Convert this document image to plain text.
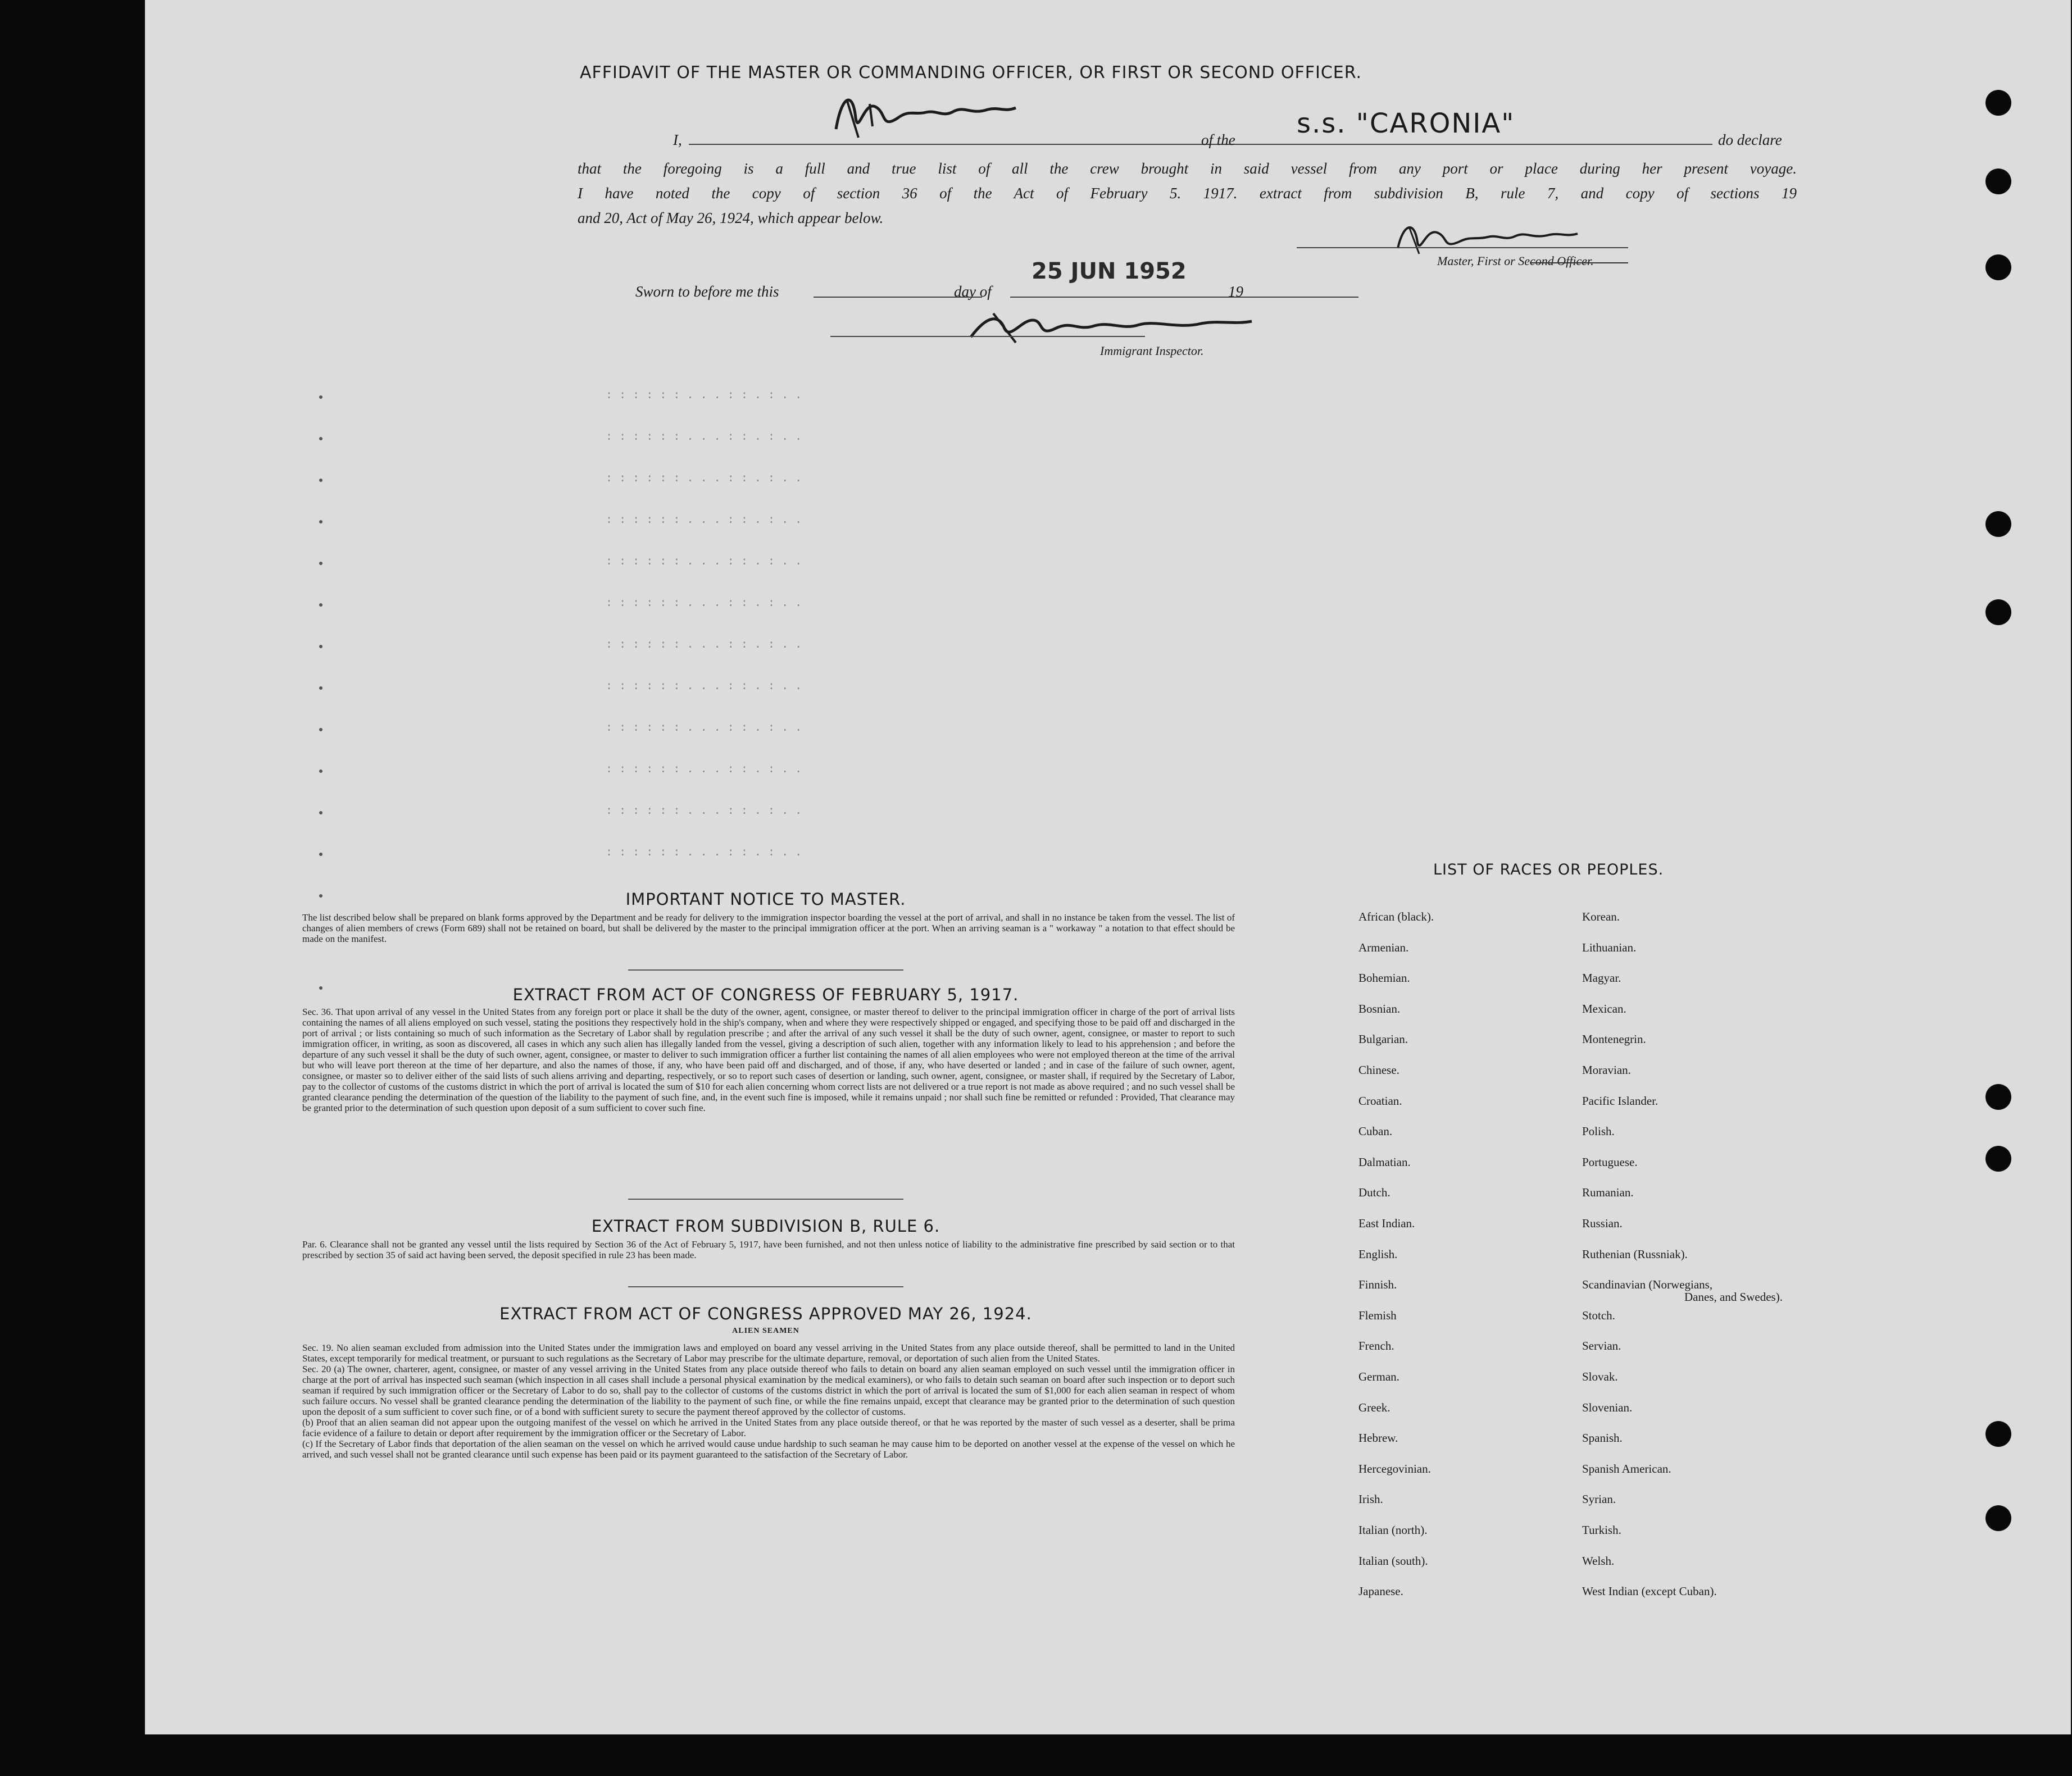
: : : : : : . . . : : . : . .
: : : : : : . . . : : . : . .
: : : : : : . . . : : . : . .
: : : : : : . . . : : . : . .
: : : : : : . . . : : . : . .
: : : : : : . . . : : . : . .
: : : : : : . . . : : . : . .
: : : : : : . . . : : . : . .
: : : : : : . . . : : . : . .
: : : : : : . . . : : . : . .
: : : : : : . . . : : . : . .
: : : : : : . . . : : . : . .
AFFIDAVIT OF THE MASTER OR COMMANDING OFFICER, OR FIRST OR SECOND OFFICER.
I,	of the
s.s. "CARONIA"
do declare
that the foregoing is a full and true list of all the crew brought in said vessel from any port or place during her present voyage.
I have noted the copy of section 36 of the Act of February 5. 1917. extract from subdivision B, rule 7, and copy of sections 19
and 20, Act of May 26, 1924, which appear below.
Master, First or Second Officer.
Sworn to before me this	day of
25 JUN 1952
19
Immigrant Inspector.
IMPORTANT NOTICE TO MASTER.
The list described below shall be prepared on blank forms approved by the Department and be ready for delivery to the immigration inspector boarding the vessel at the port of arrival, and shall in no instance be taken from the vessel. The list of changes of alien members of crews (Form 689) shall not be retained on board, but shall be delivered by the master to the principal immigration officer at the port. When an arriving seaman is a " workaway " a notation to that effect should be made on the manifest.
EXTRACT FROM ACT OF CONGRESS OF FEBRUARY 5, 1917.
Sec. 36. That upon arrival of any vessel in the United States from any foreign port or place it shall be the duty of the owner, agent, consignee, or master thereof to deliver to the principal immigration officer in charge of the port of arrival lists containing the names of all aliens employed on such vessel, stating the positions they respectively hold in the ship's company, when and where they were respectively shipped or engaged, and specifying those to be paid off and discharged in the port of arrival ; or lists containing so much of such information as the Secretary of Labor shall by regulation prescribe ; and after the arrival of any such vessel it shall be the duty of such owner, agent, consignee, or master to report to such immigration officer, in writing, as soon as discovered, all cases in which any such alien has illegally landed from the vessel, giving a description of such alien, together with any information likely to lead to his apprehension ; and before the departure of any such vessel it shall be the duty of such owner, agent, consignee, or master to deliver to such immigration officer a further list containing the names of all alien employees who were not employed thereon at the time of the arrival but who will leave port thereon at the time of her departure, and also the names of those, if any, who have been paid off and discharged, and of those, if any, who have deserted or landed ; and in case of the failure of such owner, agent, consignee, or master so to deliver either of the said lists of such aliens arriving and departing, respectively, or so to report such cases of desertion or landing, such owner, agent, consignee, or master shall, if required by the Secretary of Labor, pay to the collector of customs of the customs district in which the port of arrival is located the sum of $10 for each alien concerning whom correct lists are not delivered or a true report is not made as above required ; and no such vessel shall be granted clearance pending the determination of the question of the liability to the payment of such fine, and, in the event such fine is imposed, while it remains unpaid ; nor shall such fine be remitted or refunded : Provided, That clearance may be granted prior to the determination of such question upon deposit of a sum sufficient to cover such fine.
EXTRACT FROM SUBDIVISION B, RULE 6.
Par. 6. Clearance shall not be granted any vessel until the lists required by Section 36 of the Act of February 5, 1917, have been furnished, and not then unless notice of liability to the administrative fine prescribed by said section or to that prescribed by section 35 of said act having been served, the deposit specified in rule 23 has been made.
EXTRACT FROM ACT OF CONGRESS APPROVED MAY 26, 1924.
ALIEN SEAMEN

Sec. 19. No alien seaman excluded from admission into the United States under the immigration laws and employed on board any vessel arriving in the United States from any place outside thereof, shall be permitted to land in the United States, except temporarily for medical treatment, or pursuant to such regulations as the Secretary of Labor may prescribe for the ultimate departure, removal, or deportation of such alien from the United States.

Sec. 20 (a) The owner, charterer, agent, consignee, or master of any vessel arriving in the United States from any place outside thereof who fails to detain on board any alien seaman employed on such vessel until the immigration officer in charge at the port of arrival has inspected such seaman (which inspection in all cases shall include a personal physical examination by the medical examiners), or who fails to detain such seaman on board after such inspection or to deport such seaman if required by such immigration officer or the Secretary of Labor to do so, shall pay to the collector of customs of the customs district in which the port of arrival is located the sum of $1,000 for each alien seaman in respect of whom such failure occurs. No vessel shall be granted clearance pending the determination of the liability to the payment of such fine, or while the fine remains unpaid, except that clearance may be granted prior to the determination of such question upon the deposit of a sum sufficient to cover such fine, or of a bond with sufficient surety to secure the payment thereof approved by the collector of customs.

(b) Proof that an alien seaman did not appear upon the outgoing manifest of the vessel on which he arrived in the United States from any place outside thereof, or that he was reported by the master of such vessel as a deserter, shall be prima facie evidence of a failure to detain or deport after requirement by the immigration officer or the Secretary of Labor.

(c) If the Secretary of Labor finds that deportation of the alien seaman on the vessel on which he arrived would cause undue hardship to such seaman he may cause him to be deported on another vessel at the expense of the vessel on which he arrived, and such vessel shall not be granted clearance until such expense has been paid or its payment guaranteed to the satisfaction of the Secretary of Labor.

LIST OF RACES OR PEOPLES.
African (black).
Armenian.
Bohemian.
Bosnian.
Bulgarian.
Chinese.
Croatian.
Cuban.
Dalmatian.
Dutch.
East Indian.
English.
Finnish.
Flemish
French.
German.
Greek.
Hebrew.
Hercegovinian.
Irish.
Italian (north).
Italian (south).
Japanese.
Korean.
Lithuanian.
Magyar.
Mexican.
Montenegrin.
Moravian.
Pacific Islander.
Polish.
Portuguese.
Rumanian.
Russian.
Ruthenian (Russniak).
Scandinavian (Norwegians,
Stotch.
Servian.
Slovak.
Slovenian.
Spanish.
Spanish American.
Syrian.
Turkish.
Welsh.
West Indian (except Cuban).
Danes, and Swedes).
